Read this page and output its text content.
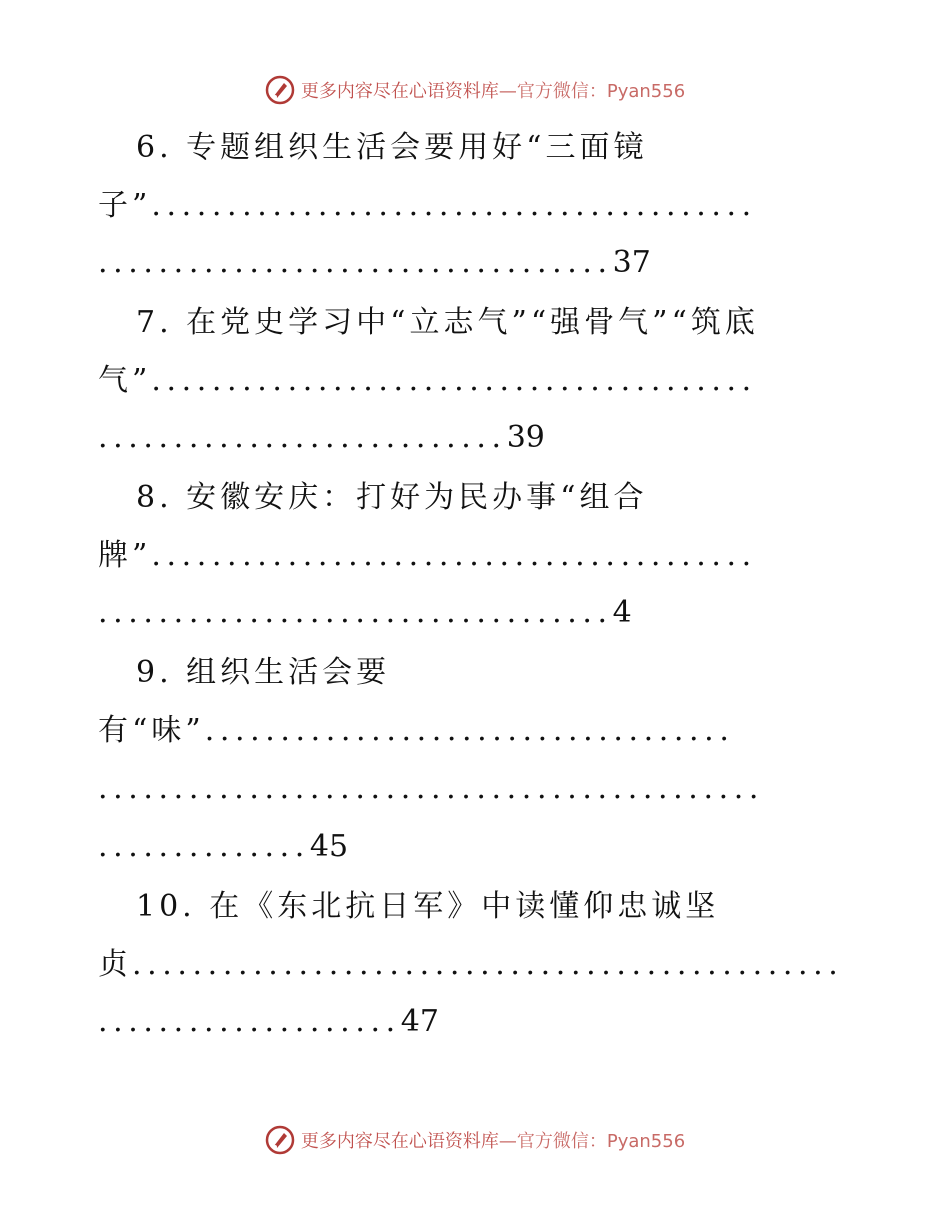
更多内容尽在心语资料库 —官方微信：Pyan556
6. 专题组织生活会要用好“三面镜
子”........................................
..................................37
7. 在党史学习中“立志气”“强骨气”“筑底
气”........................................
...........................39
8. 安徽安庆：打好为民办事“组合
牌”........................................
..................................4
9. 组织生活会要
有“味”...................................
............................................
..............45
10. 在《东北抗日军》中读懂仰忠诚坚
贞...............................................
....................47
更多内容尽在心语资料库 —官方微信：Pyan556
